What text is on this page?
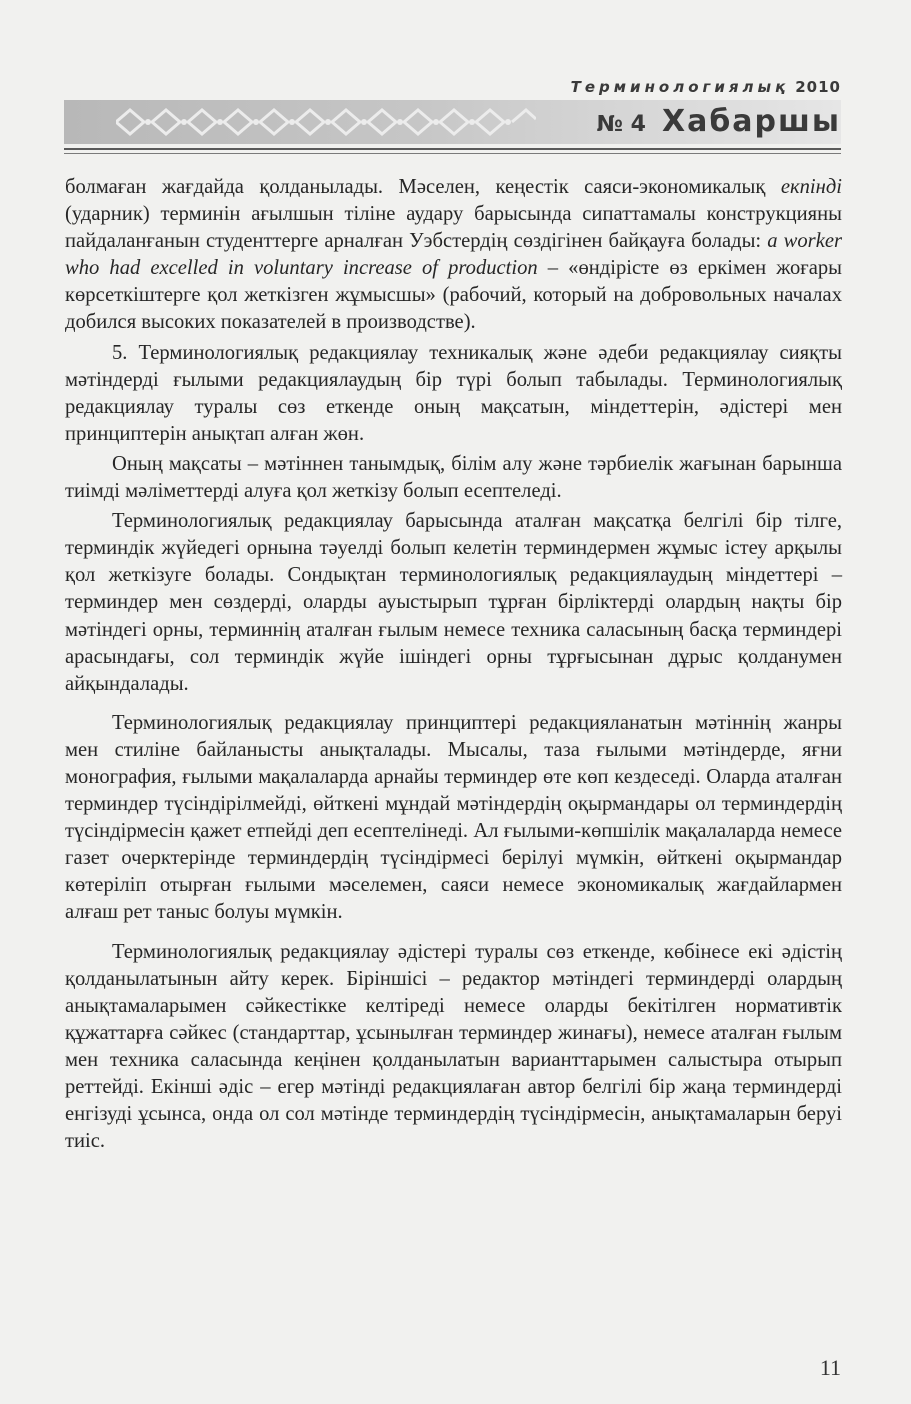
Терминологиялық 2010
№ 4 Хабаршы

болмаған жағдайда қолданылады. Мәселен, кеңестік саяси-экономикалық екпінді (ударник) терминін ағылшын тіліне аудару барысында сипаттамалы конструкцияны пайдаланғанын студенттерге арналған Уэбстердің сөздігінен байқауға болады: a worker who had excelled in voluntary increase of production – «өндірісте өз еркімен жоғары көрсеткіштерге қол жеткізген жұмысшы» (рабочий, который на добровольных началах добился высоких показателей в производстве).

5. Терминологиялық редакциялау техникалық және әдеби редакциялау сияқты мәтіндерді ғылыми редакциялаудың бір түрі болып табылады. Терминологиялық редакциялау туралы сөз еткенде оның мақсатын, міндеттерін, әдістері мен принциптерін анықтап алған жөн.

Оның мақсаты – мәтіннен танымдық, білім алу және тәрбиелік жағынан барынша тиімді мәліметтерді алуға қол жеткізу болып есептеледі.

Терминологиялық редакциялау барысында аталған мақсатқа белгілі бір тілге, терминдік жүйедегі орнына тәуелді болып келетін терминдермен жұмыс істеу арқылы қол жеткізуге болады. Сондықтан терминологиялық редакциялаудың міндеттері – терминдер мен сөздерді, оларды ауыстырып тұрған бірліктерді олардың нақты бір мәтіндегі орны, терминнің аталған ғылым немесе техника саласының басқа терминдері арасындағы, сол терминдік жүйе ішіндегі орны тұрғысынан дұрыс қолданумен айқындалады.

Терминологиялық редакциялау принциптері редакцияланатын мәтіннің жанры мен стиліне байланысты анықталады. Мысалы, таза ғылыми мәтіндерде, яғни монография, ғылыми мақалаларда арнайы терминдер өте көп кездеседі. Оларда аталған терминдер түсіндірілмейді, өйткені мұндай мәтіндердің оқырмандары ол терминдердің түсіндірмесін қажет етпейді деп есептелінеді. Ал ғылыми-көпшілік мақалаларда немесе газет очерктерінде терминдердің түсіндірмесі берілуі мүмкін, өйткені оқырмандар көтеріліп отырған ғылыми мәселемен, саяси немесе экономикалық жағдайлармен алғаш рет таныс болуы мүмкін.

Терминологиялық редакциялау әдістері туралы сөз еткенде, көбінесе екі әдістің қолданылатынын айту керек. Біріншісі – редактор мәтіндегі терминдерді олардың анықтамаларымен сәйкестікке келтіреді немесе оларды бекітілген нормативтік құжаттарға сәйкес (стандарттар, ұсынылған терминдер жинағы), немесе аталған ғылым мен техника саласында кеңінен қолданылатын варианттарымен салыстыра отырып реттейді. Екінші әдіс – егер мәтінді редакциялаған автор белгілі бір жаңа терминдерді енгізуді ұсынса, онда ол сол мәтінде терминдердің түсіндірмесін, анықтамаларын беруі тиіс.

11
